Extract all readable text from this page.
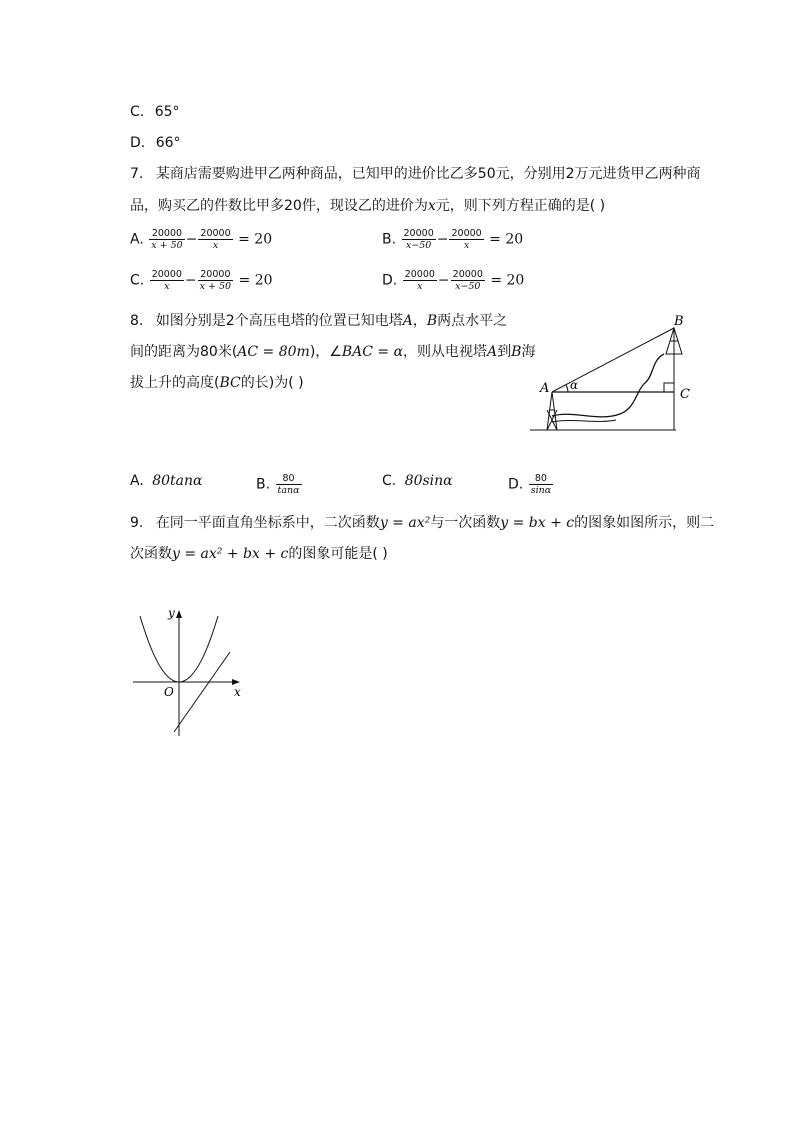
C. 65°
D. 66°
7. 某商店需要购进甲乙两种商品，已知甲的进价比乙多50元，分别用2万元进货甲乙两种商
品，购买乙的件数比甲多20件，现设乙的进价为x元，则下列方程正确的是( )
A. $\frac{20000}{x + 50} - \frac{20000}{x} = 20$	B. $\frac{20000}{x-50} - \frac{20000}{x} = 20$
C. $\frac{20000}{x} - \frac{20000}{x + 50} = 20$	D. $\frac{20000}{x} - \frac{20000}{x-50} = 20$
8. 如图分别是2个高压电塔的位置已知电塔A，B两点水平之
间的距离为80米(AC = 80m)，∠BAC = α，则从电视塔A到B海
拔上升的高度(BC的长)为( )	A
B
C
α
A. 80tanα	B. $\frac{80}{\tan\alpha}$	C. 80sinα	D. $\frac{80}{\sin\alpha}$
9. 在同一平面直角坐标系中，二次函数y = ax²与一次函数y = bx + c的图象如图所示，则二
次函数y = ax² + bx + c的图象可能是( )
y
x
O
